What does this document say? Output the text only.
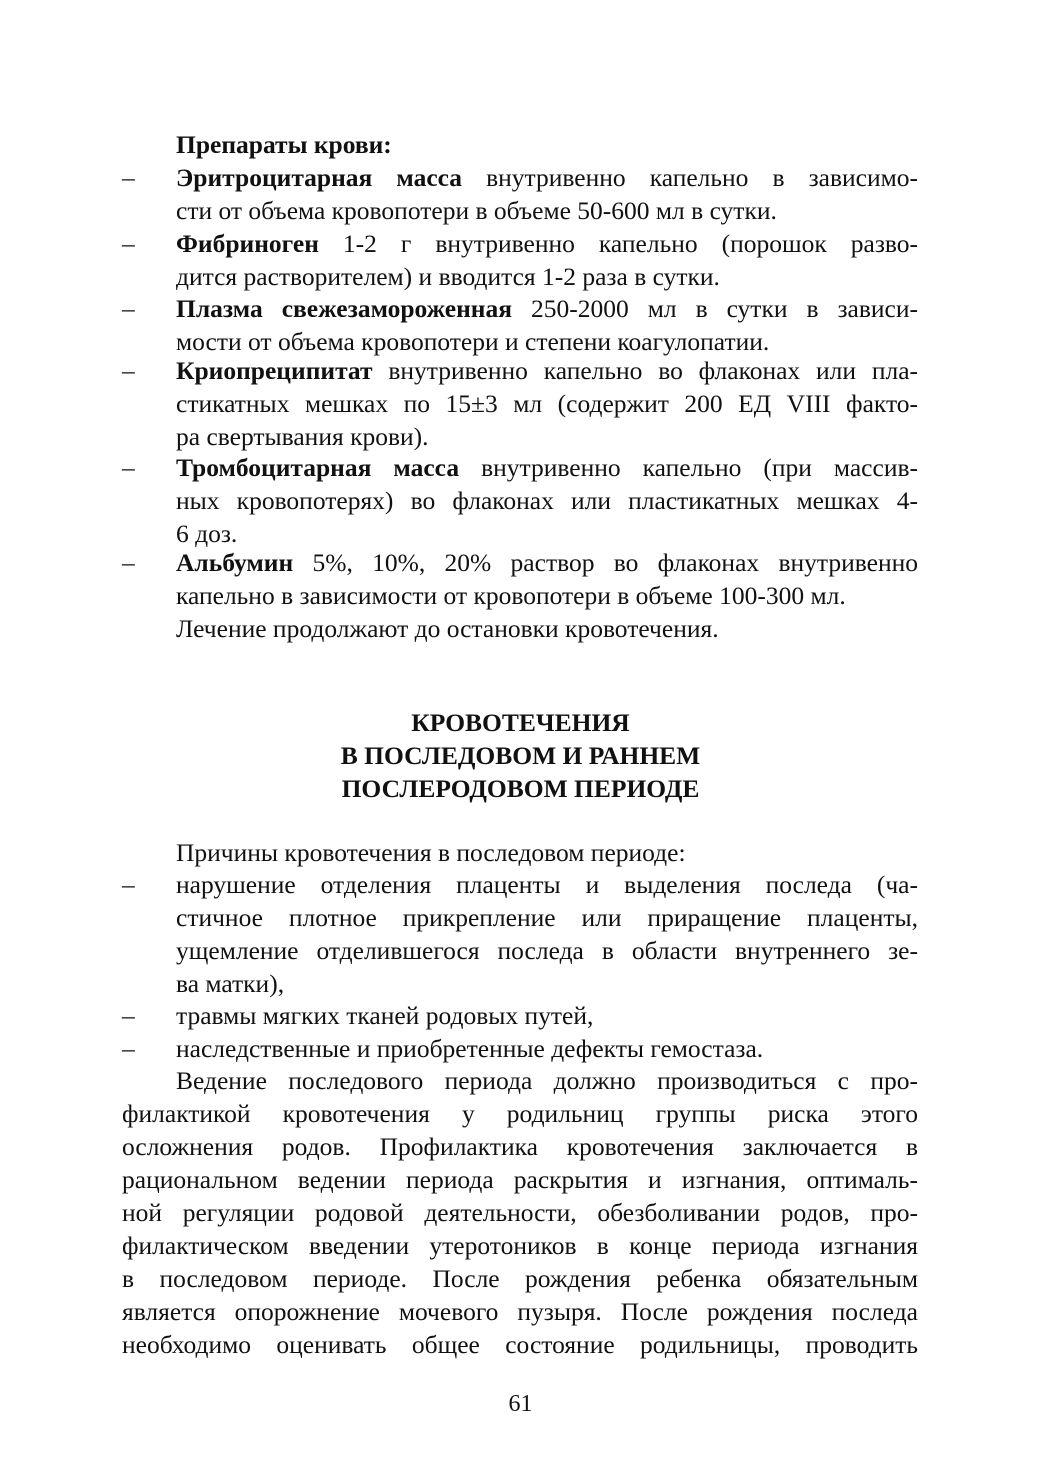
Препараты крови:
–	Эритроцитарная масса внутривенно капельно в зависимо-
сти от объема кровопотери в объеме 50-600 мл в сутки.
–	Фибриноген 1-2 г внутривенно капельно (порошок разво-
дится растворителем) и вводится 1-2 раза в сутки.
–	Плазма свежезамороженная 250-2000 мл в сутки в зависи-
мости от объема кровопотери и степени коагулопатии.
–	Криопреципитат внутривенно капельно во флаконах или пла-
стикатных мешках по 15±3 мл (содержит 200 ЕД VIII факто-
ра свертывания крови).
–	Тромбоцитарная масса внутривенно капельно (при массив-
ных кровопотерях) во флаконах или пластикатных мешках 4-
6 доз.
–	Альбумин 5%, 10%, 20% раствор во флаконах внутривенно
капельно в зависимости от кровопотери в объеме 100-300 мл.
Лечение продолжают до остановки кровотечения.
КРОВОТЕЧЕНИЯ
В ПОСЛЕДОВОМ И РАННЕМ
ПОСЛЕРОДОВОМ ПЕРИОДЕ
Причины кровотечения в последовом периоде:
–	нарушение отделения плаценты и выделения последа (ча-
стичное плотное прикрепление или приращение плаценты,
ущемление отделившегося последа в области внутреннего зе-
ва матки),
–	травмы мягких тканей родовых путей,
–	наследственные и приобретенные дефекты гемостаза.
Ведение последового периода должно производиться с про-
филактикой кровотечения у родильниц группы риска этого
осложнения родов. Профилактика кровотечения заключается в
рациональном ведении периода раскрытия и изгнания, оптималь-
ной регуляции родовой деятельности, обезболивании родов, про-
филактическом введении утеротоников в конце периода изгнания
в последовом периоде. После рождения ребенка обязательным
является опорожнение мочевого пузыря. После рождения последа
необходимо оценивать общее состояние родильницы, проводить
61
